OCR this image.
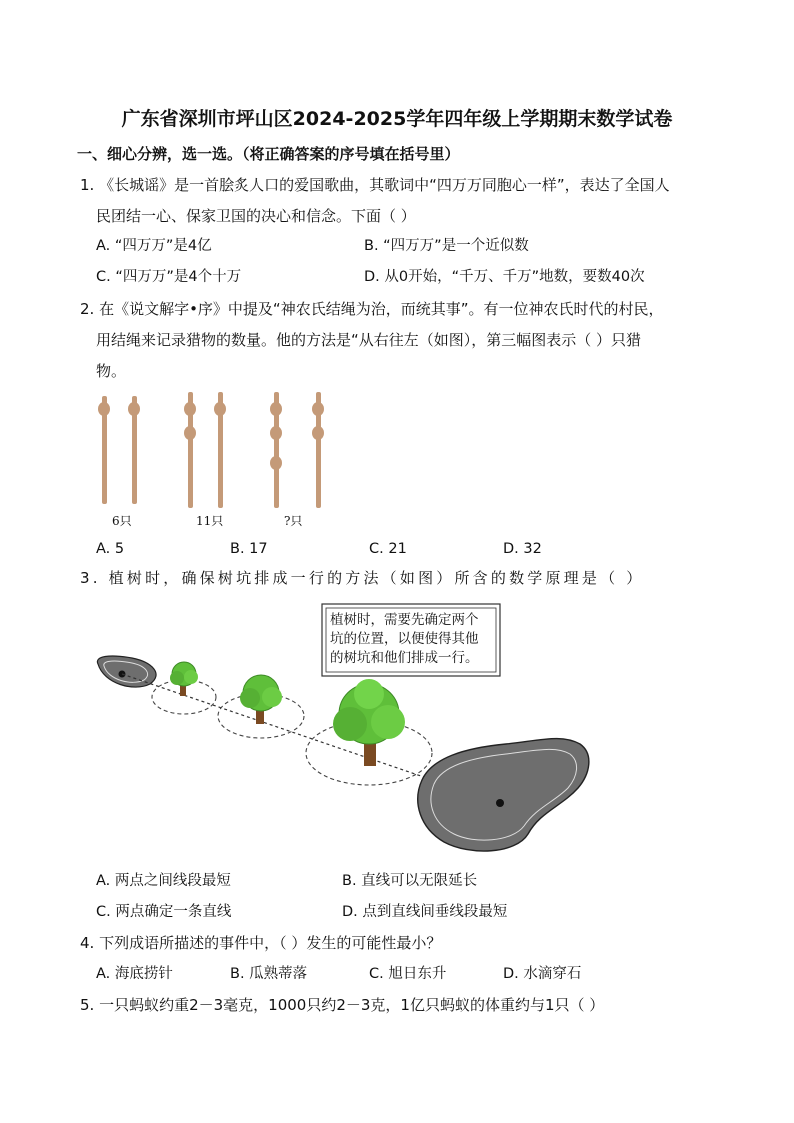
广东省深圳市坪山区2024-2025学年四年级上学期期末数学试卷
一、细心分辨，选一选。（将正确答案的序号填在括号里）
1. 《长城谣》是一首脍炙人口的爱国歌曲，其歌词中“四万万同胞心一样”，表达了全国人
民团结一心、保家卫国的决心和信念。下面（ ）
A. “四万万”是4亿	B. “四万万”是一个近似数
C. “四万万”是4个十万	D. 从0开始，“千万、千万”地数，要数40次
2. 在《说文解字•序》中提及“神农氏结绳为治，而统其事”。有一位神农氏时代的村民，
用结绳来记录猎物的数量。他的方法是“从右往左（如图），第三幅图表示（ ）只猎
物。
6只	11只	?只
A. 5	B. 17	C. 21	D. 32
3. 植树时，确保树坑排成一行的方法（如图）所含的数学原理是（ ）
植树时，需要先确定两个
坑的位置，以便使得其他
的树坑和他们排成一行。
A. 两点之间线段最短	B. 直线可以无限延长
C. 两点确定一条直线	D. 点到直线间垂线段最短
4. 下列成语所描述的事件中，（ ）发生的可能性最小？
A. 海底捞针	B. 瓜熟蒂落	C. 旭日东升	D. 水滴穿石
5. 一只蚂蚁约重2－3毫克，1000只约2－3克，1亿只蚂蚁的体重约与1只（ ）
